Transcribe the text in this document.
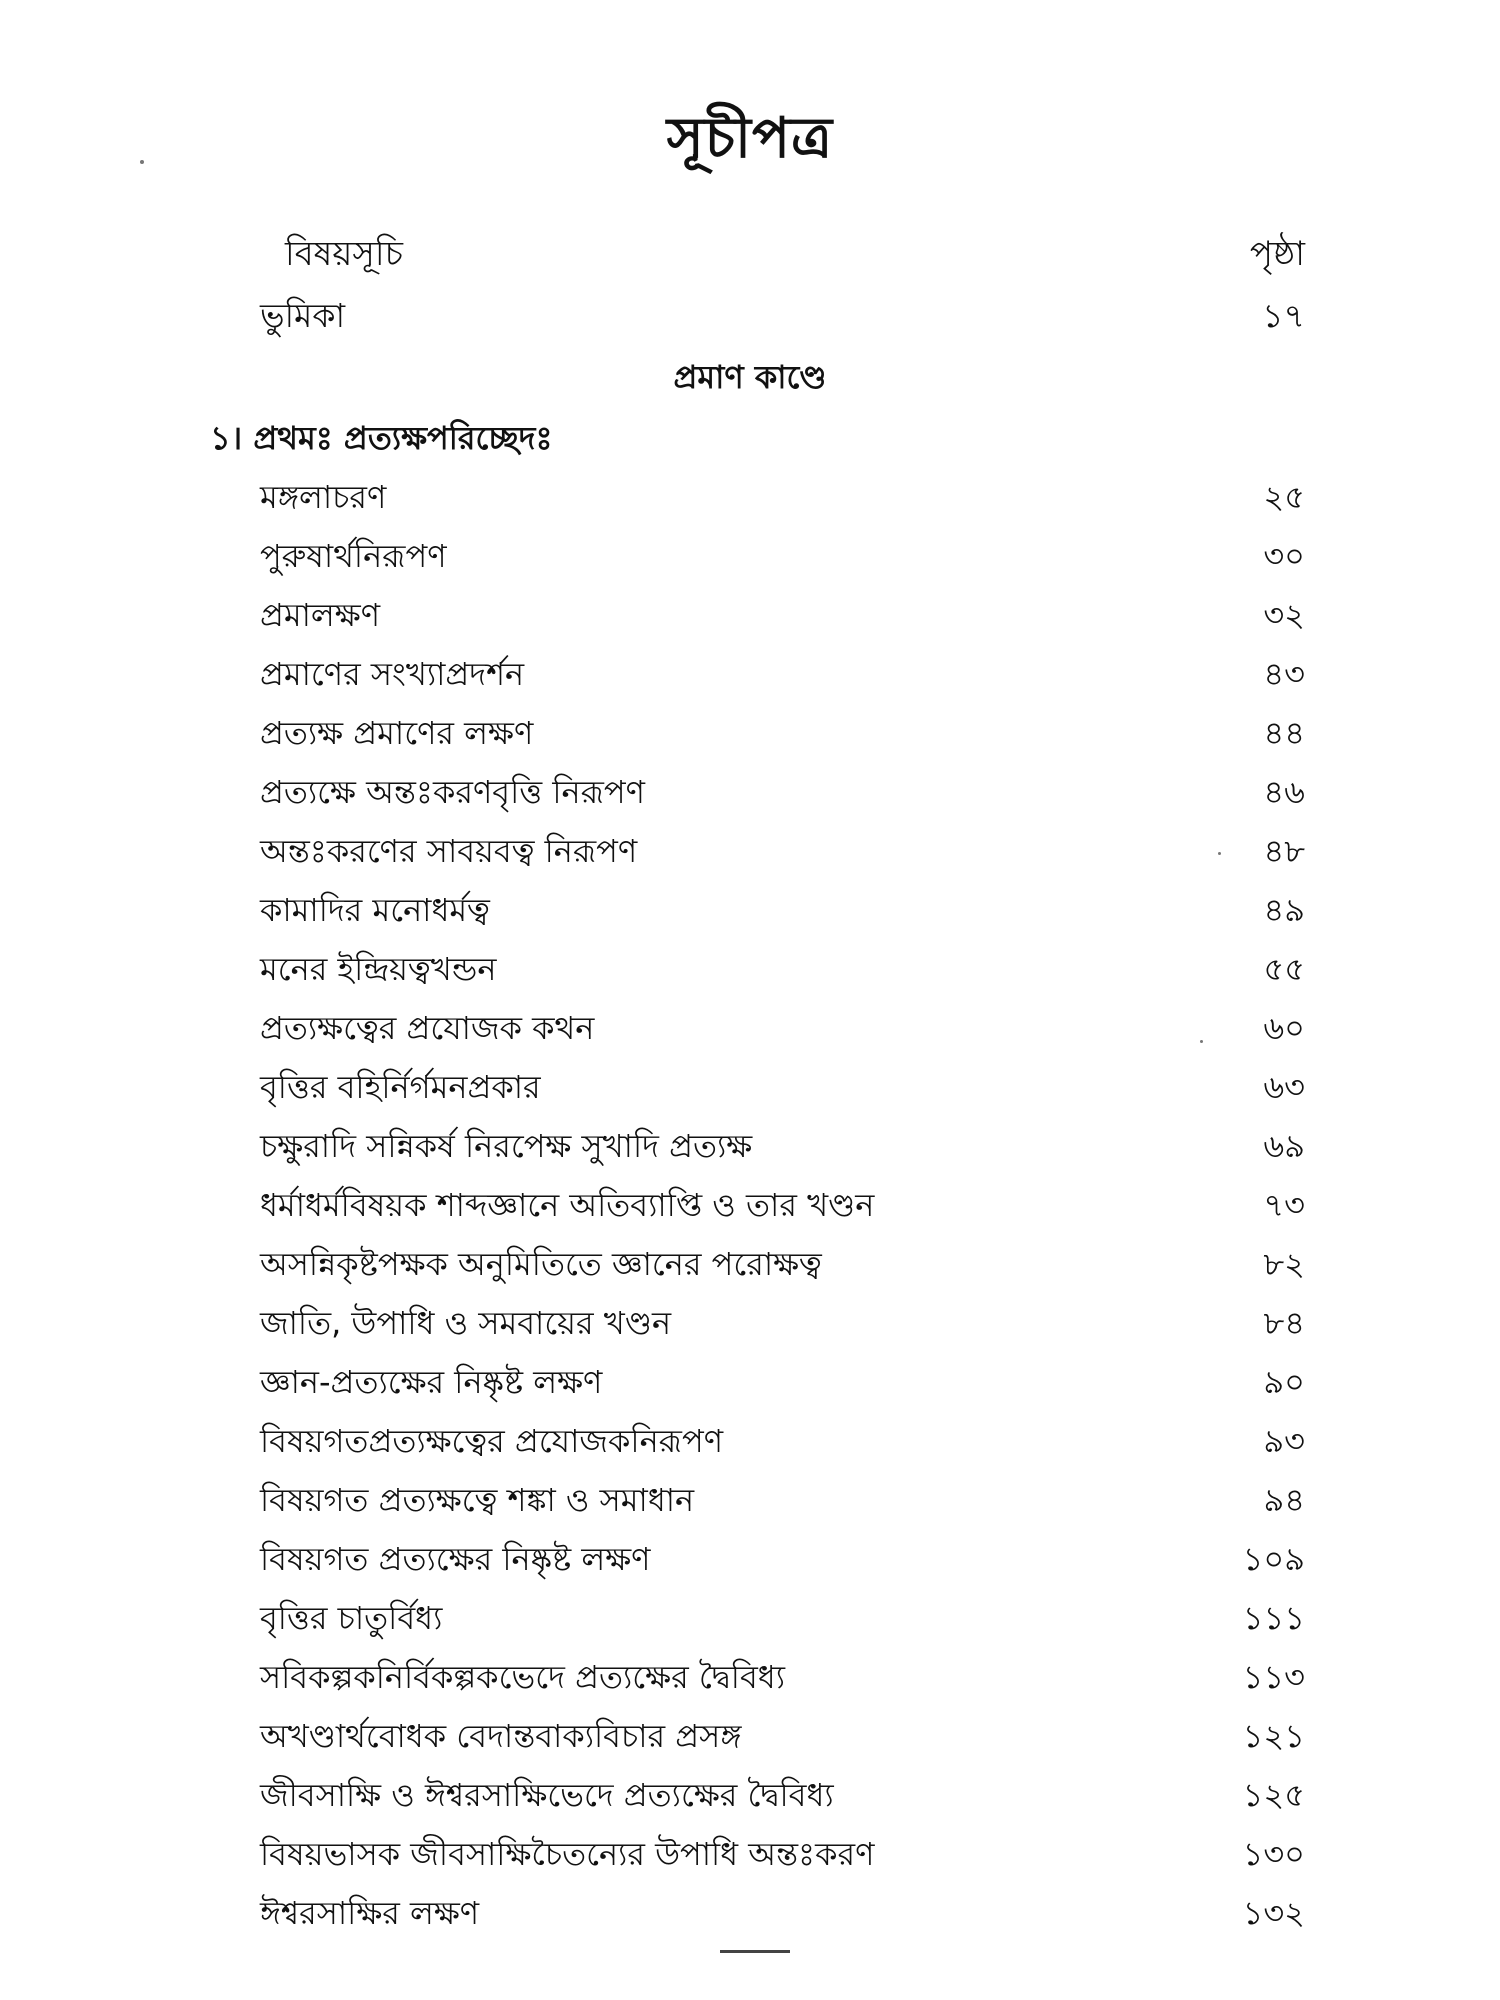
সূচীপত্র
বিষয়সূচি	পৃষ্ঠা
ভুমিকা	১৭
প্রমাণ কাণ্ডে
১। প্রথমঃ প্রত্যক্ষপরিচ্ছেদঃ
মঙ্গলাচরণ	২৫
পুরুষার্থনিরূপণ	৩০
প্রমালক্ষণ	৩২
প্রমাণের সংখ্যাপ্রদর্শন	৪৩
প্রত্যক্ষ প্রমাণের লক্ষণ	৪৪
প্রত্যক্ষে অন্তঃকরণবৃত্তি নিরূপণ	৪৬
অন্তঃকরণের সাবয়বত্ব নিরূপণ	৪৮
কামাদির মনোধর্মত্ব	৪৯
মনের ইন্দ্রিয়ত্বখন্ডন	৫৫
প্রত্যক্ষত্বের প্রযোজক কথন	৬০
বৃত্তির বহির্নির্গমনপ্রকার	৬৩
চক্ষুরাদি সন্নিকর্ষ নিরপেক্ষ সুখাদি প্রত্যক্ষ	৬৯
ধর্মাধর্মবিষয়ক শাব্দজ্ঞানে অতিব্যাপ্তি ও তার খণ্ডন	৭৩
অসন্নিকৃষ্টপক্ষক অনুমিতিতে জ্ঞানের পরোক্ষত্ব	৮২
জাতি, উপাধি ও সমবায়ের খণ্ডন	৮৪
জ্ঞান-প্রত্যক্ষের নিষ্কৃষ্ট লক্ষণ	৯০
বিষয়গতপ্রত্যক্ষত্বের প্রযোজকনিরূপণ	৯৩
বিষয়গত প্রত্যক্ষত্বে শঙ্কা ও সমাধান	৯৪
বিষয়গত প্রত্যক্ষের নিষ্কৃষ্ট লক্ষণ	১০৯
বৃত্তির চাতুর্বিধ্য	১১১
সবিকল্পকনির্বিকল্পকভেদে প্রত্যক্ষের দ্বৈবিধ্য	১১৩
অখণ্ডার্থবোধক বেদান্তবাক্যবিচার প্রসঙ্গ	১২১
জীবসাক্ষি ও ঈশ্বরসাক্ষিভেদে প্রত্যক্ষের দ্বৈবিধ্য	১২৫
বিষয়ভাসক জীবসাক্ষিচৈতন্যের উপাধি অন্তঃকরণ	১৩০
ঈশ্বরসাক্ষির লক্ষণ	১৩২
